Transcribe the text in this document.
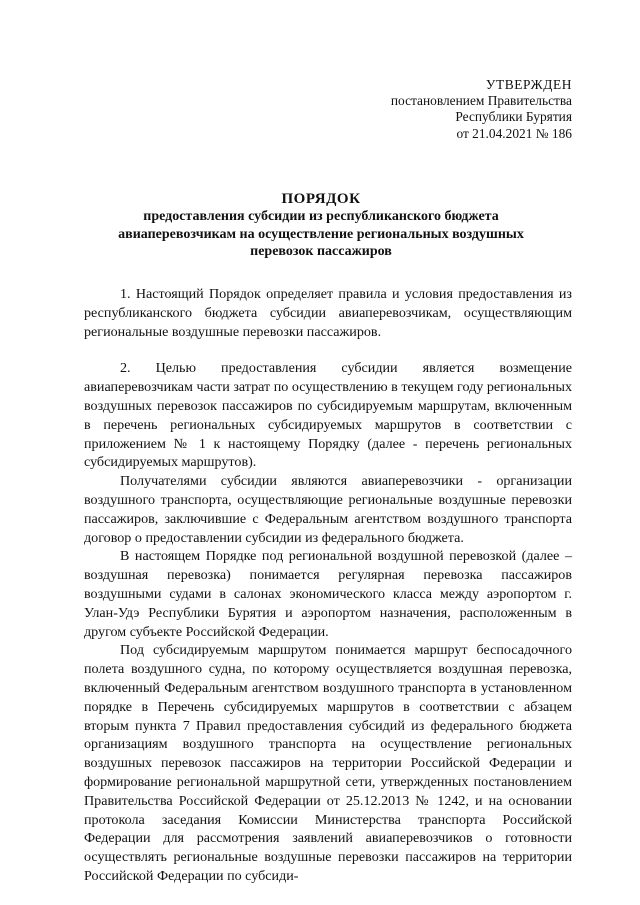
УТВЕРЖДЕН
постановлением Правительства
Республики Бурятия
от 21.04.2021 № 186
ПОРЯДОК
предоставления субсидии из республиканского бюджета авиаперевозчикам на осуществление региональных воздушных перевозок пассажиров

1. Настоящий Порядок определяет правила и условия предоставления из республиканского бюджета субсидии авиаперевозчикам, осуществляющим региональные воздушные перевозки пассажиров.

2. Целью предоставления субсидии является возмещение авиаперевозчикам части затрат по осуществлению в текущем году региональных воздушных перевозок пассажиров по субсидируемым маршрутам, включенным в перечень региональных субсидируемых маршрутов в соответствии с приложением № 1 к настоящему Порядку (далее - перечень региональных субсидируемых маршрутов).

Получателями субсидии являются авиаперевозчики - организации воздушного транспорта, осуществляющие региональные воздушные перевозки пассажиров, заключившие с Федеральным агентством воздушного транспорта договор о предоставлении субсидии из федерального бюджета.

В настоящем Порядке под региональной воздушной перевозкой (далее – воздушная перевозка) понимается регулярная перевозка пассажиров воздушными судами в салонах экономического класса между аэропортом г. Улан-Удэ Республики Бурятия и аэропортом назначения, расположенным в другом субъекте Российской Федерации.

Под субсидируемым маршрутом понимается маршрут беспосадочного полета воздушного судна, по которому осуществляется воздушная перевозка, включенный Федеральным агентством воздушного транспорта в установленном порядке в Перечень субсидируемых маршрутов в соответствии с абзацем вторым пункта 7 Правил предоставления субсидий из федерального бюджета организациям воздушного транспорта на осуществление региональных воздушных перевозок пассажиров на территории Российской Федерации и формирование региональной маршрутной сети, утвержденных постановлением Правительства Российской Федерации от 25.12.2013 № 1242, и на основании протокола заседания Комиссии Министерства транспорта Российской Федерации для рассмотрения заявлений авиаперевозчиков о готовности осуществлять региональные воздушные перевозки пассажиров на территории Российской Федерации по субсиди-
